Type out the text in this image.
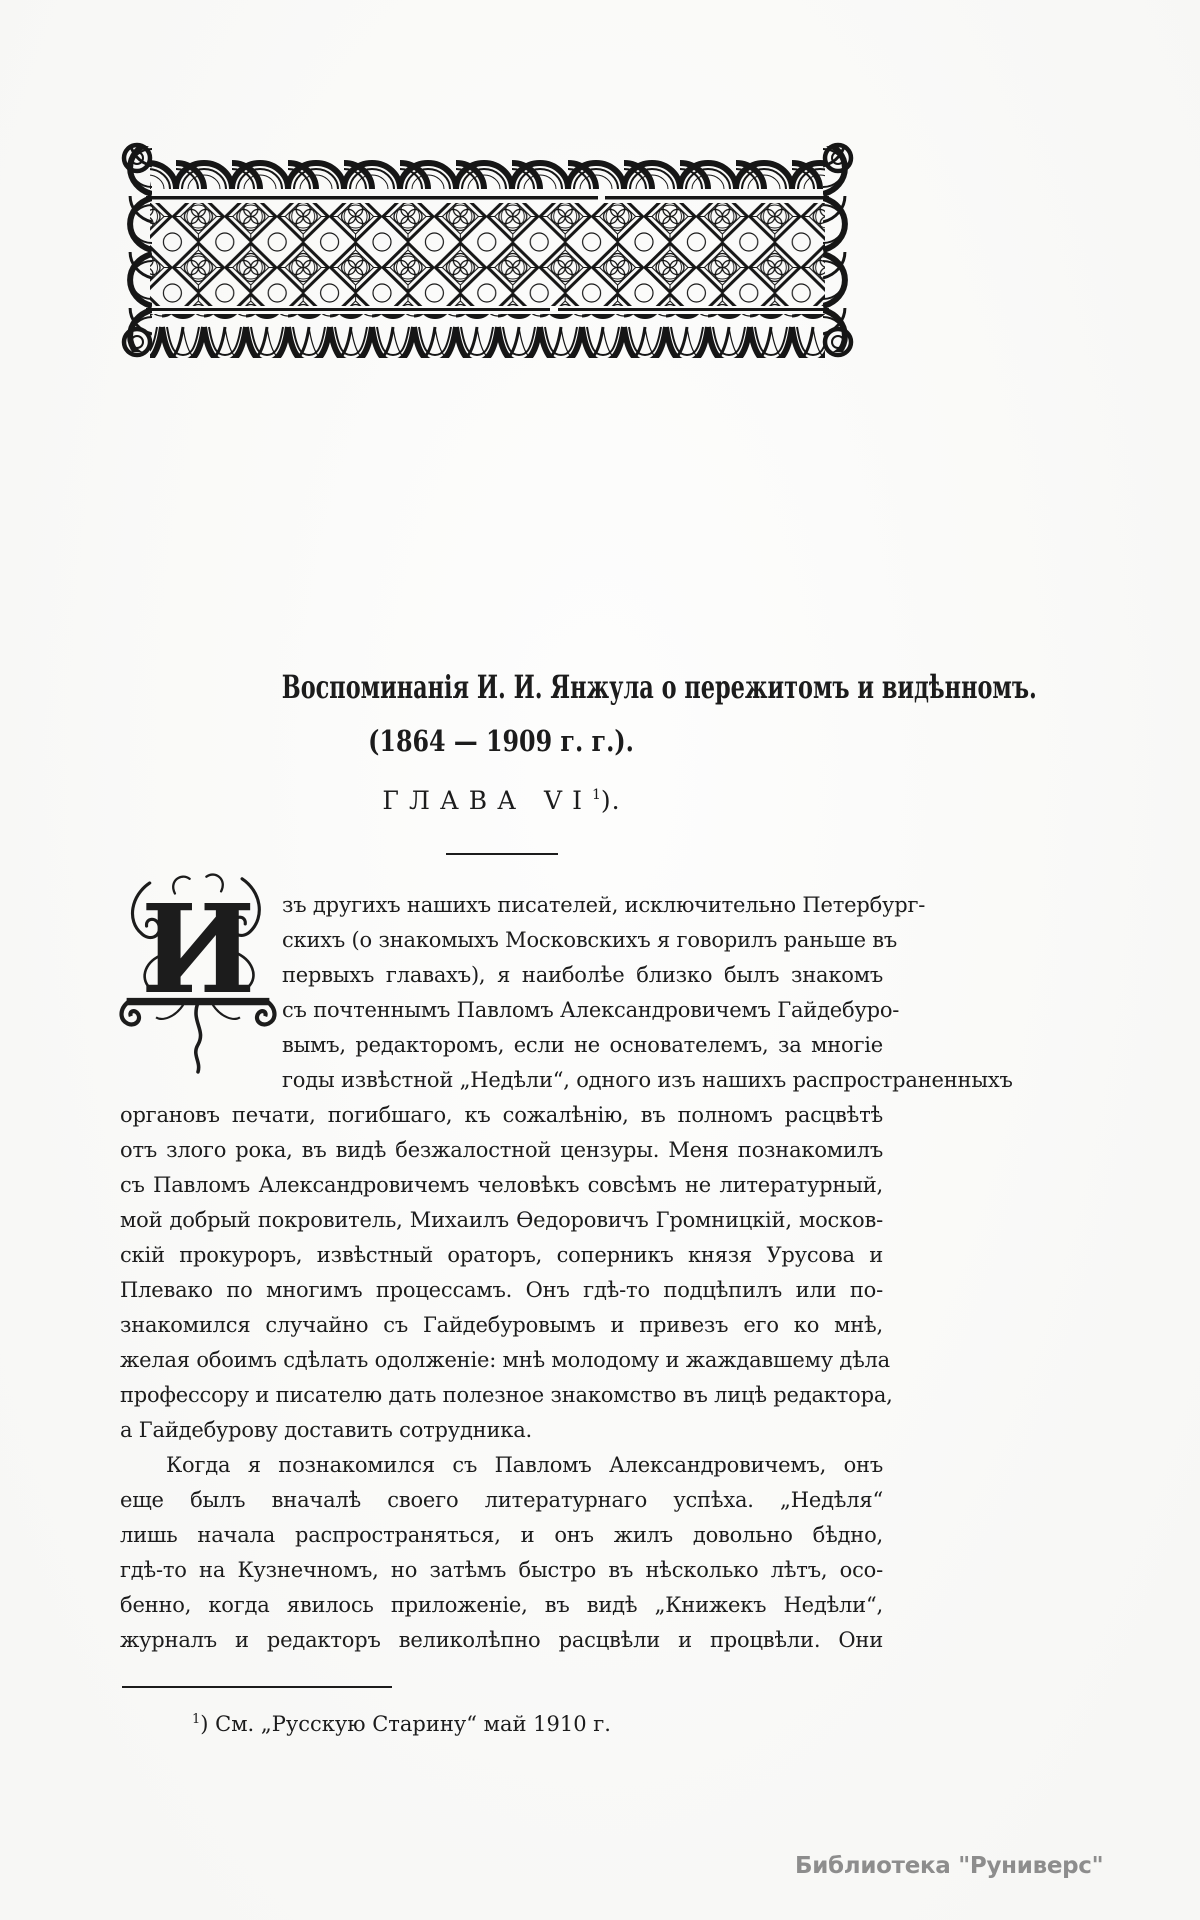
Воспоминанія И. И. Янжула о пережитомъ и видѣнномъ.
(1864 — 1909 г. г.).
ГЛАВА $VI^1$).
И	зъ другихъ нашихъ писателей, исключительно Петербург-
скихъ (о знакомыхъ Московскихъ я говорилъ раньше въ
первыхъ главахъ), я наиболѣе близко былъ знакомъ
съ почтеннымъ Павломъ Александровичемъ Гайдебуро-
вымъ, редакторомъ, если не основателемъ, за многіе
годы извѣстной „Недѣли“, одного изъ нашихъ распространенныхъ
органовъ печати, погибшаго, къ сожалѣнію, въ полномъ расцвѣтѣ
отъ злого рока, въ видѣ безжалостной цензуры. Меня познакомилъ
съ Павломъ Александровичемъ человѣкъ совсѣмъ не литературный,
мой добрый покровитель, Михаилъ Ѳедоровичъ Громницкій, москов-
скій прокуроръ, извѣстный ораторъ, соперникъ князя Урусова и
Плевако по многимъ процессамъ. Онъ гдѣ-то подцѣпилъ или по-
знакомился случайно съ Гайдебуровымъ и привезъ его ко мнѣ,
желая обоимъ сдѣлать одолженіе: мнѣ молодому и жаждавшему дѣла
профессору и писателю дать полезное знакомство въ лицѣ редактора,
а Гайдебурову доставить сотрудника.
Когда я познакомился съ Павломъ Александровичемъ, онъ
еще былъ вначалѣ своего литературнаго успѣха. „Недѣля“
лишь начала распространяться, и онъ жилъ довольно бѣдно,
гдѣ-то на Кузнечномъ, но затѣмъ быстро въ нѣсколько лѣтъ, осо-
бенно, когда явилось приложеніе, въ видѣ „Книжекъ Недѣли“,
журналъ и редакторъ великолѣпно расцвѣли и процвѣли. Они
$^1$) См. „Русскую Старину“ май 1910 г.
Библиотека "Руниверс"
